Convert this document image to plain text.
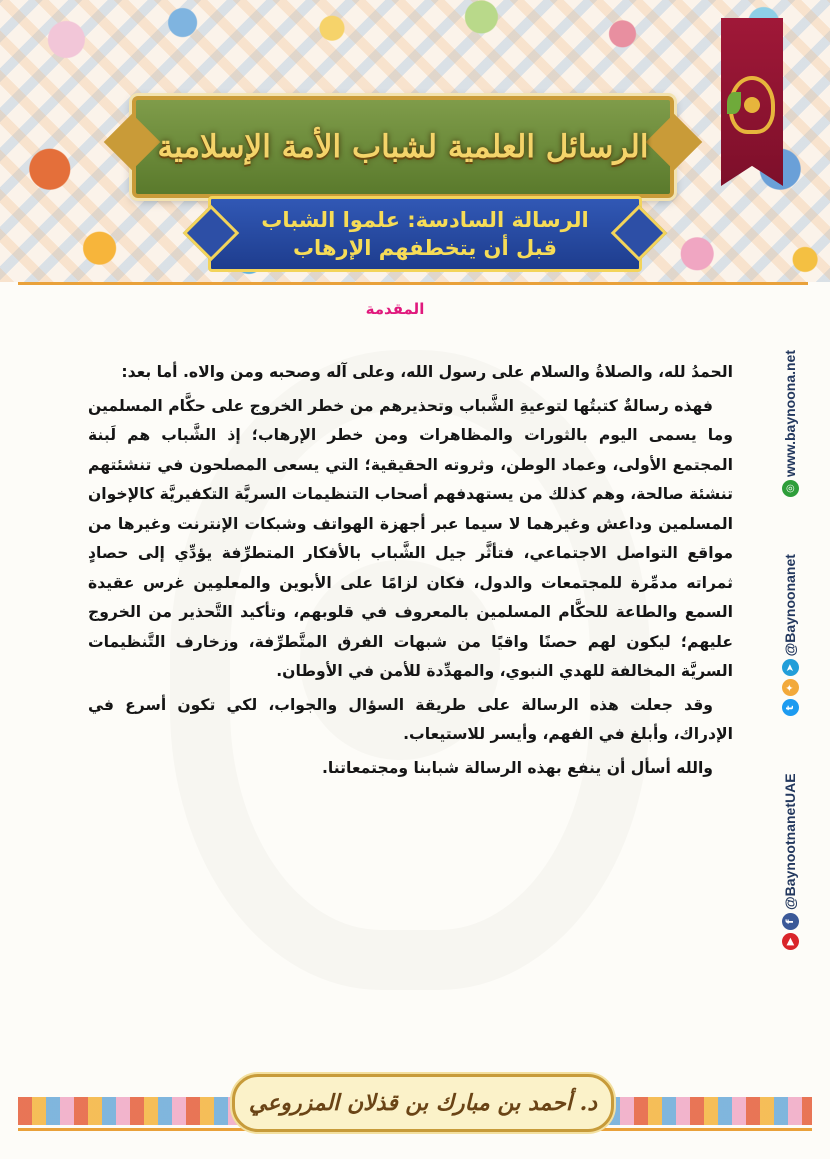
الرسائل العلمية لشباب الأمة الإسلامية
الرسالة السادسة: علموا الشباب
قبل أن يتخطفهم الإرهاب
المقدمة

الحمدُ لله، والصلاةُ والسلام على رسول الله، وعلى آله وصحبه ومن والاه. أما بعد:

فهذه رسالةٌ كتبتُها لتوعيةِ الشَّباب وتحذيرهم من خطر الخروج على حكَّام المسلمين وما يسمى اليوم بالثورات والمظاهرات ومن خطر الإرهاب؛ إذ الشَّباب هم لَبنة المجتمع الأولى، وعماد الوطن، وثروته الحقيقية؛ التي يسعى المصلحون في تنشئتهم تنشئة صالحة، وهم كذلك من يستهدفهم أصحاب التنظيمات السريَّة التكفيريَّة كالإخوان المسلمين وداعش وغيرهما لا سيما عبر أجهزة الهواتف وشبكات الإنترنت وغيرها من مواقع التواصل الاجتماعي، فتأثَّر جيل الشَّباب بالأفكار المتطرِّفة يؤدِّي إلى حصادٍ ثمراته مدمِّرة للمجتمعات والدول، فكان لزامًا على الأبوين والمعلمِين غرس عقيدة السمع والطاعة للحكَّام المسلمين بالمعروف في قلوبهم، وتأكيد التَّحذير من الخروج عليهم؛ ليكون لهم حصنًا واقيًا من شبهات الفرق المتَّطرِّفة، وزخارف التَّنظيمات السريَّة المخالفة للهدي النبوي، والمهدِّدة للأمن في الأوطان.

وقد جعلت هذه الرسالة على طريقة السؤال والجواب، لكي تكون أسرع في الإدراك، وأبلغ في الفهم، وأيسر للاستيعاب.

والله أسأل أن ينفع بهذه الرسالة شبابنا ومجتمعاتنا.

▶
f
@BaynootnanetUAE
t
✦
➤
@Baynoonanet
◎
www.baynoona.net
د. أحمد بن مبارك بن قذلان المزروعي
